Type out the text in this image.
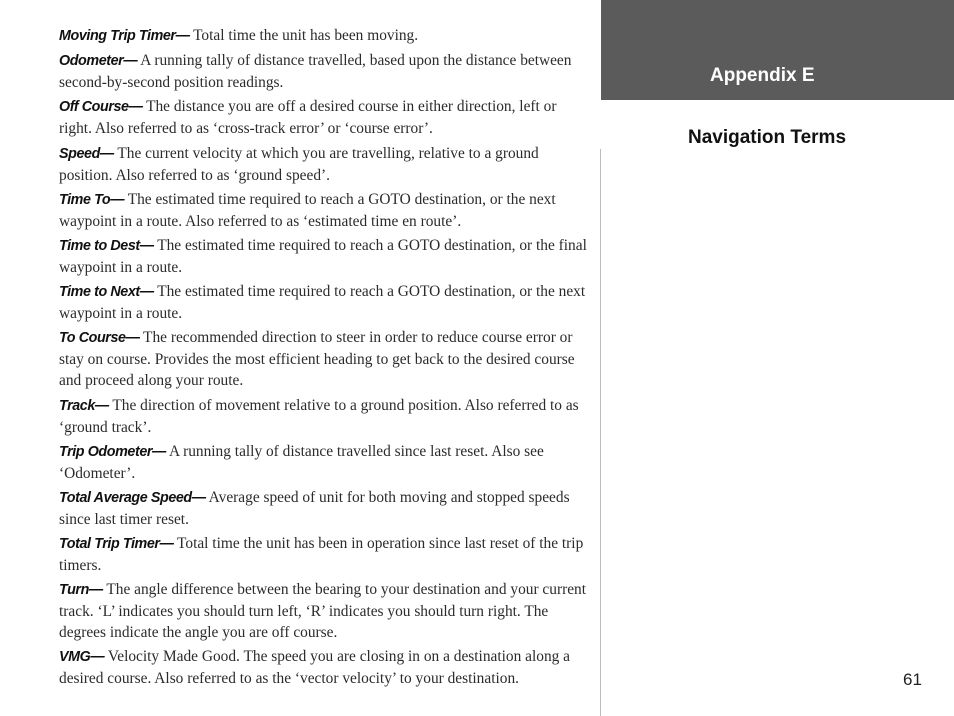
Moving Trip Timer— Total time the unit has been moving.

Odometer— A running tally of distance travelled, based upon the distance between second-by-second position readings.

Off Course— The distance you are off a desired course in either direction, left or right. Also referred to as ‘cross-track error’ or ‘course error’.

Speed— The current velocity at which you are travelling, relative to a ground position. Also referred to as ‘ground speed’.

Time To— The estimated time required to reach a GOTO destination, or the next waypoint in a route. Also referred to as ‘estimated time en route’.

Time to Dest— The estimated time required to reach a GOTO destination, or the final waypoint in a route.

Time to Next— The estimated time required to reach a GOTO destination, or the next waypoint in a route.

To Course— The recommended direction to steer in order to reduce course error or stay on course. Provides the most efficient heading to get back to the desired course and proceed along your route.

Track— The direction of movement relative to a ground position. Also referred to as ‘ground track’.

Trip Odometer— A running tally of distance travelled since last reset. Also see ‘Odometer’.

Total Average Speed— Average speed of unit for both moving and stopped speeds since last timer reset.

Total Trip Timer— Total time the unit has been in operation since last reset of the trip timers.

Turn— The angle difference between the bearing to your destination and your current track. ‘L’ indicates you should turn left, ‘R’ indicates you should turn right. The degrees indicate the angle you are off course.

VMG— Velocity Made Good. The speed you are closing in on a destination along a desired course. Also referred to as the ‘vector velocity’ to your destination.

Appendix E
Navigation Terms
61
